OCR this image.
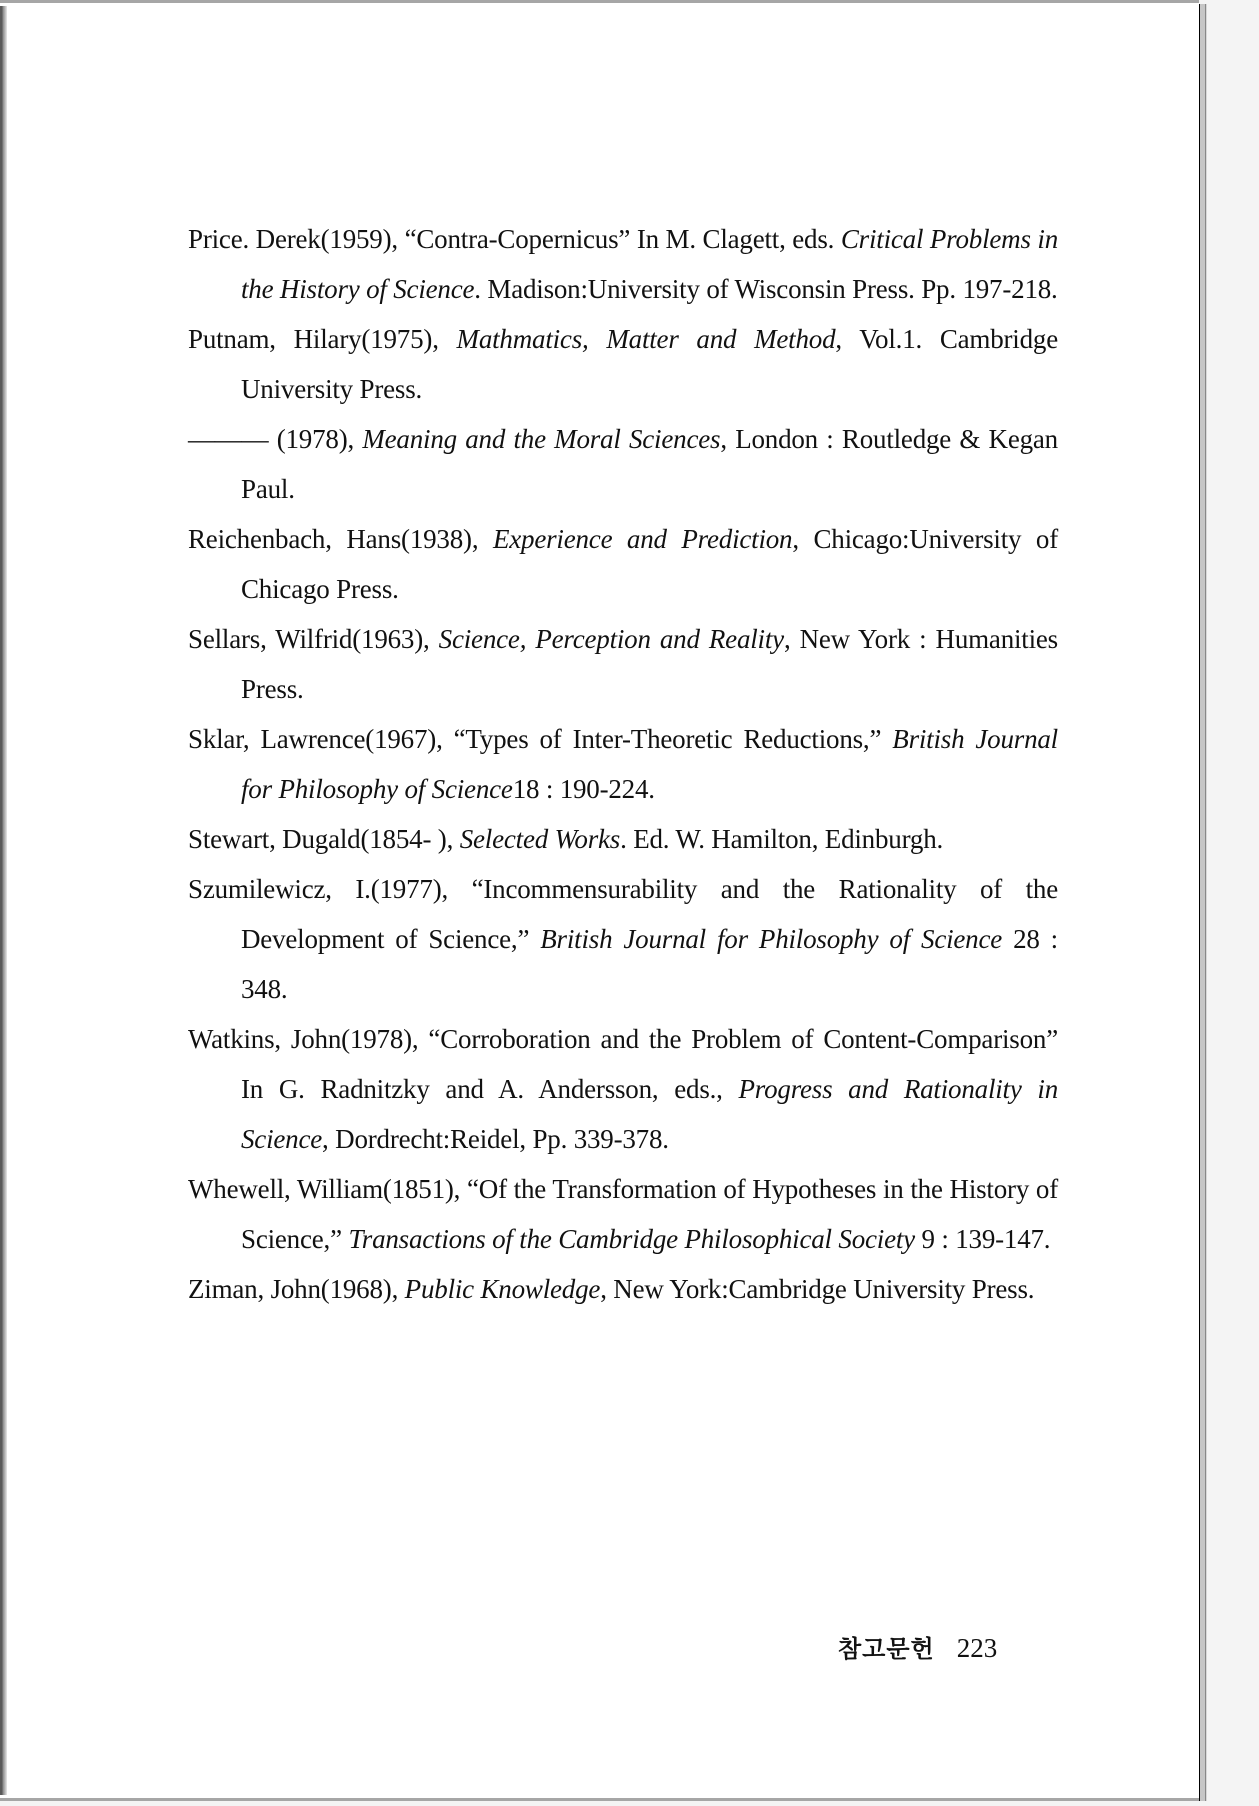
Price. Derek(1959), “Contra-Copernicus” In M. Clagett, eds. Critical Problems in the History of Science. Madison:University of Wisconsin Press. Pp. 197-218.

Putnam, Hilary(1975), Mathmatics, Matter and Method, Vol.1. Cambridge University Press.

——— (1978), Meaning and the Moral Sciences, London : Routledge & Kegan Paul.

Reichenbach, Hans(1938), Experience and Prediction, Chicago:University of Chicago Press.

Sellars, Wilfrid(1963), Science, Perception and Reality, New York : Humanities Press.

Sklar, Lawrence(1967), “Types of Inter-Theoretic Reductions,” British Journal for Philosophy of Science18 : 190-224.

Stewart, Dugald(1854- ), Selected Works. Ed. W. Hamilton, Edinburgh.

Szumilewicz, I.(1977), “Incommensurability and the Rationality of the Development of Science,” British Journal for Philosophy of Science 28 : 348.

Watkins, John(1978), “Corroboration and the Problem of Content-Comparison” In G. Radnitzky and A. Andersson, eds., Progress and Rationality in Science, Dordrecht:Reidel, Pp. 339-378.

Whewell, William(1851), “Of the Transformation of Hypotheses in the History of Science,” Transactions of the Cambridge Philosophical Society 9 : 139-147.

Ziman, John(1968), Public Knowledge, New York:Cambridge University Press.

참고문헌 223
